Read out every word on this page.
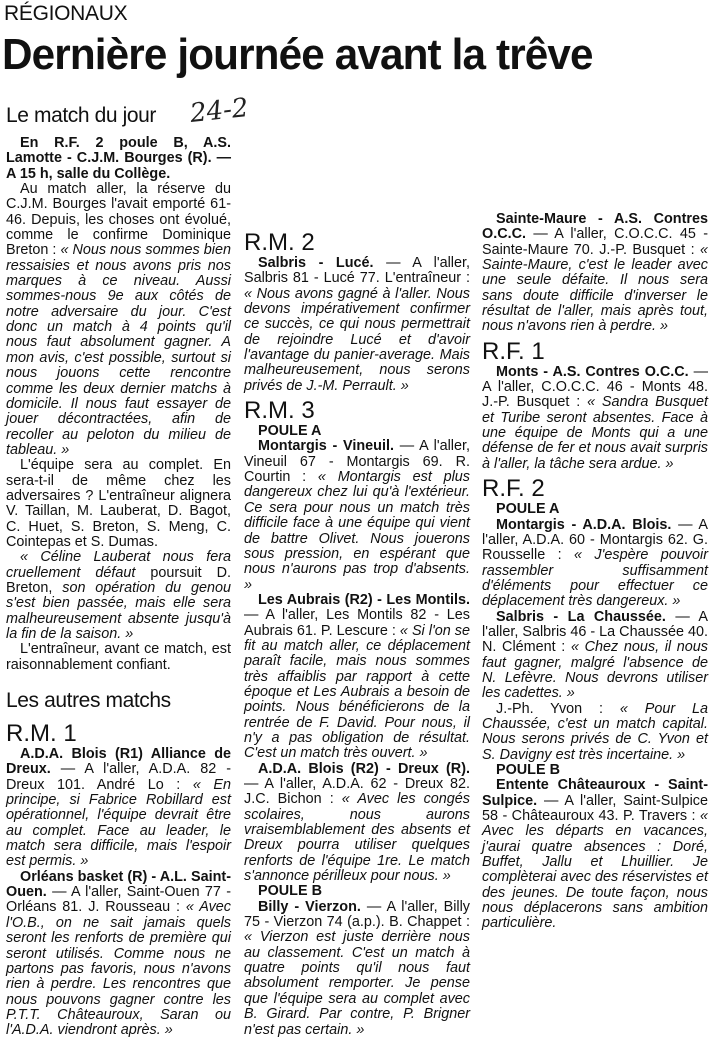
RÉGIONAUX
Dernière journée avant la trêve
24-2
Le match du jour

En R.F. 2 poule B, A.S. Lamotte - C.J.M. Bourges (R). — A 15 h, salle du Collège.

Au match aller, la réserve du C.J.M. Bourges l'avait emporté 61-46. Depuis, les choses ont évolué, comme le confirme Dominique Breton : « Nous nous sommes bien ressaisies et nous avons pris nos marques à ce niveau. Aussi sommes-nous 9e aux côtés de notre adversaire du jour. C'est donc un match à 4 points qu'il nous faut absolument gagner. A mon avis, c'est possible, surtout si nous jouons cette rencontre comme les deux dernier matchs à domicile. Il nous faut essayer de jouer décontractées, afin de recoller au peloton du milieu de tableau. »

L'équipe sera au complet. En sera-t-il de même chez les adversaires ? L'entraîneur alignera V. Taillan, M. Lauberat, D. Bagot, C. Huet, S. Breton, S. Meng, C. Cointepas et S. Dumas.

« Céline Lauberat nous fera cruellement défaut poursuit D. Breton, son opération du genou s'est bien passée, mais elle sera malheureusement absente jusqu'à la fin de la saison. »

L'entraîneur, avant ce match, est raisonnablement confiant.

Les autres matchs
R.M. 1

A.D.A. Blois (R1) Alliance de Dreux. — A l'aller, A.D.A. 82 - Dreux 101. André Lo : « En principe, si Fabrice Robillard est opérationnel, l'équipe devrait être au complet. Face au leader, le match sera difficile, mais l'espoir est permis. »

Orléans basket (R) - A.L. Saint-Ouen. — A l'aller, Saint-Ouen 77 - Orléans 81. J. Rousseau : « Avec l'O.B., on ne sait jamais quels seront les renforts de première qui seront utilisés. Comme nous ne partons pas favoris, nous n'avons rien à perdre. Les rencontres que nous pouvons gagner contre les P.T.T. Châteauroux, Saran ou l'A.D.A. viendront après. »

R.M. 2

Salbris - Lucé. — A l'aller, Salbris 81 - Lucé 77. L'entraîneur : « Nous avons gagné à l'aller. Nous devons impérativement confirmer ce succès, ce qui nous permettrait de rejoindre Lucé et d'avoir l'avantage du panier-average. Mais malheureusement, nous serons privés de J.-M. Perrault. »

R.M. 3
POULE A

Montargis - Vineuil. — A l'aller, Vineuil 67 - Montargis 69. R. Courtin : « Montargis est plus dangereux chez lui qu'à l'extérieur. Ce sera pour nous un match très difficile face à une équipe qui vient de battre Olivet. Nous jouerons sous pression, en espérant que nous n'aurons pas trop d'absents. »

Les Aubrais (R2) - Les Montils. — A l'aller, Les Montils 82 - Les Aubrais 61. P. Lescure : « Si l'on se fit au match aller, ce déplacement paraît facile, mais nous sommes très affaiblis par rapport à cette époque et Les Aubrais a besoin de points. Nous bénéficierons de la rentrée de F. David. Pour nous, il n'y a pas obligation de résultat. C'est un match très ouvert. »

A.D.A. Blois (R2) - Dreux (R). — A l'aller, A.D.A. 62 - Dreux 82. J.C. Bichon : « Avec les congés scolaires, nous aurons vraisemblablement des absents et Dreux pourra utiliser quelques renforts de l'équipe 1re. Le match s'annonce périlleux pour nous. »

POULE B

Billy - Vierzon. — A l'aller, Billy 75 - Vierzon 74 (a.p.). B. Chappet : « Vierzon est juste derrière nous au classement. C'est un match à quatre points qu'il nous faut absolument remporter. Je pense que l'équipe sera au complet avec B. Girard. Par contre, P. Brigner n'est pas certain. »

Sainte-Maure - A.S. Contres O.C.C. — A l'aller, C.O.C.C. 45 - Sainte-Maure 70. J.-P. Busquet : « Sainte-Maure, c'est le leader avec une seule défaite. Il nous sera sans doute difficile d'inverser le résultat de l'aller, mais après tout, nous n'avons rien à perdre. »

R.F. 1

Monts - A.S. Contres O.C.C. — A l'aller, C.O.C.C. 46 - Monts 48. J.-P. Busquet : « Sandra Busquet et Turibe seront absentes. Face à une équipe de Monts qui a une défense de fer et nous avait surpris à l'aller, la tâche sera ardue. »

R.F. 2
POULE A

Montargis - A.D.A. Blois. — A l'aller, A.D.A. 60 - Montargis 62. G. Rousselle : « J'espère pouvoir rassembler suffisamment d'éléments pour effectuer ce déplacement très dangereux. »

Salbris - La Chaussée. — A l'aller, Salbris 46 - La Chaussée 40. N. Clément : « Chez nous, il nous faut gagner, malgré l'absence de N. Lefèvre. Nous devrons utiliser les cadettes. »

J.-Ph. Yvon : « Pour La Chaussée, c'est un match capital. Nous serons privés de C. Yvon et S. Davigny est très incertaine. »

POULE B

Entente Châteauroux - Saint-Sulpice. — A l'aller, Saint-Sulpice 58 - Châteauroux 43. P. Travers : « Avec les départs en vacances, j'aurai quatre absences : Doré, Buffet, Jallu et Lhuillier. Je complèterai avec des réservistes et des jeunes. De toute façon, nous nous déplacerons sans ambition particulière.
